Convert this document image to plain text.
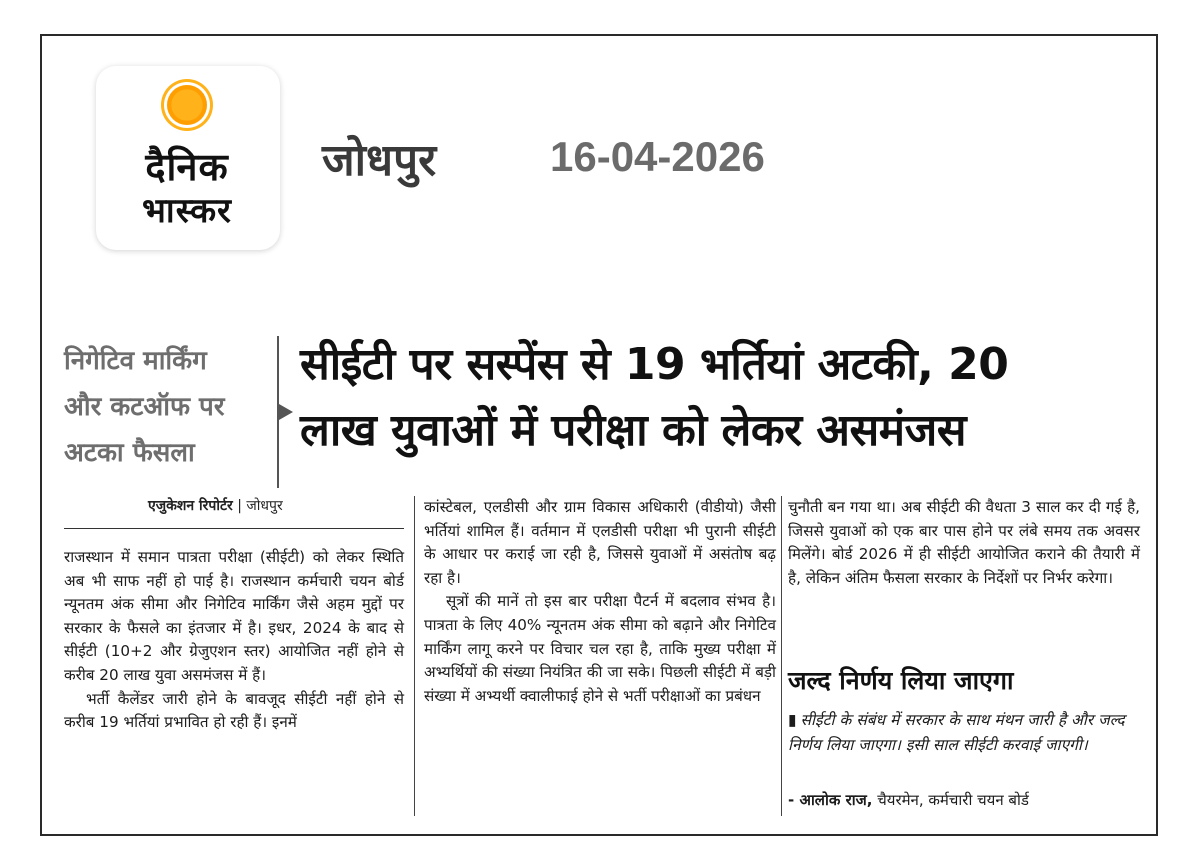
दैनिक
भास्कर
जोधपुर	16-04-2026
निगेटिव मार्किंग
और कटऑफ पर
अटका फैसला
सीईटी पर सस्पेंस से 19 भर्तियां अटकी, 20
लाख युवाओं में परीक्षा को लेकर असमंजस
एजुकेशन रिपोर्टर | जोधपुर

राजस्थान में समान पात्रता परीक्षा (सीईटी) को लेकर स्थिति अब भी साफ नहीं हो पाई है। राजस्थान कर्मचारी चयन बोर्ड न्यूनतम अंक सीमा और निगेटिव मार्किंग जैसे अहम मुद्दों पर सरकार के फैसले का इंतजार में है। इधर, 2024 के बाद से सीईटी (10+2 और ग्रेजुएशन स्तर) आयोजित नहीं होने से करीब 20 लाख युवा असमंजस में हैं।

भर्ती कैलेंडर जारी होने के बावजूद सीईटी नहीं होने से करीब 19 भर्तियां प्रभावित हो रही हैं। इनमें

कांस्टेबल, एलडीसी और ग्राम विकास अधिकारी (वीडीयो) जैसी भर्तियां शामिल हैं। वर्तमान में एलडीसी परीक्षा भी पुरानी सीईटी के आधार पर कराई जा रही है, जिससे युवाओं में असंतोष बढ़ रहा है।

सूत्रों की मानें तो इस बार परीक्षा पैटर्न में बदलाव संभव है। पात्रता के लिए 40% न्यूनतम अंक सीमा को बढ़ाने और निगेटिव मार्किंग लागू करने पर विचार चल रहा है, ताकि मुख्य परीक्षा में अभ्यर्थियों की संख्या नियंत्रित की जा सके। पिछली सीईटी में बड़ी संख्या में अभ्यर्थी क्वालीफाई होने से भर्ती परीक्षाओं का प्रबंधन

चुनौती बन गया था। अब सीईटी की वैधता 3 साल कर दी गई है, जिससे युवाओं को एक बार पास होने पर लंबे समय तक अवसर मिलेंगे। बोर्ड 2026 में ही सीईटी आयोजित कराने की तैयारी में है, लेकिन अंतिम फैसला सरकार के निर्देशों पर निर्भर करेगा।

जल्द निर्णय लिया जाएगा
▮ सीईटी के संबंध में सरकार के साथ मंथन जारी है और जल्द निर्णय लिया जाएगा। इसी साल सीईटी करवाई जाएगी।
- आलोक राज, चैयरमेन, कर्मचारी चयन बोर्ड
